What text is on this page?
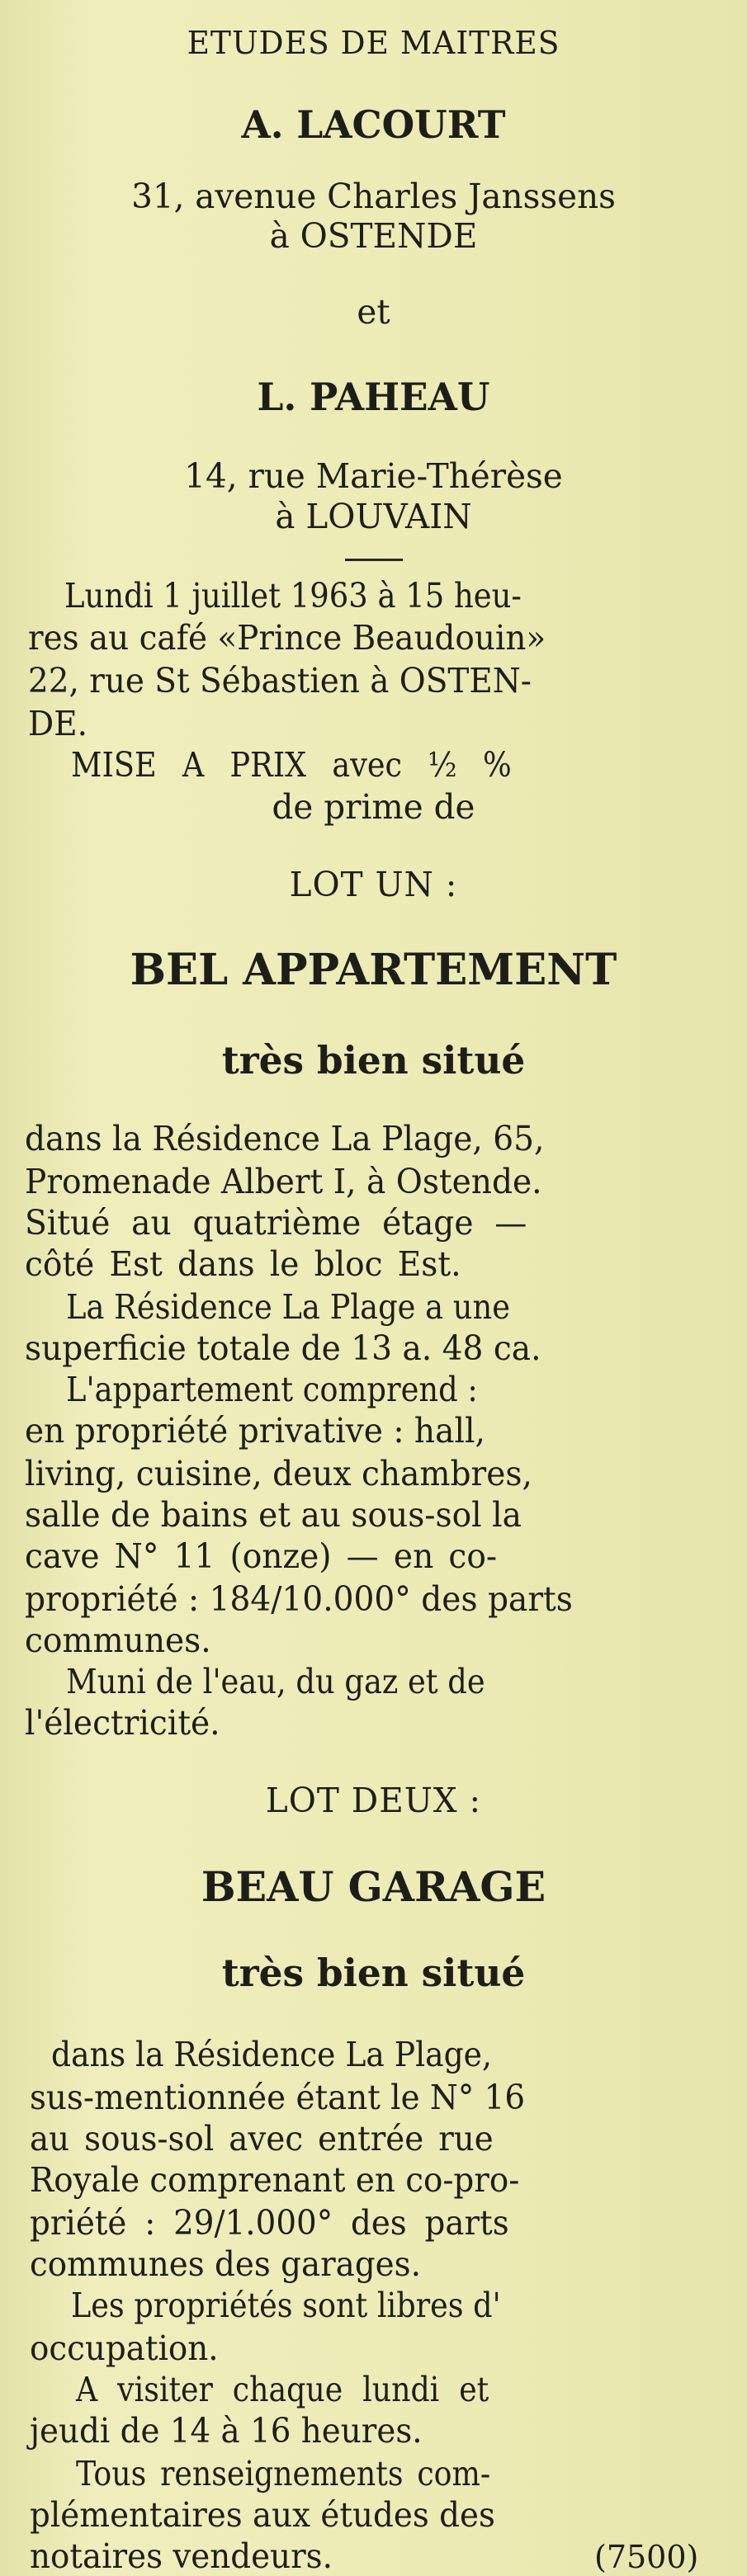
ETUDES DE MAITRES
A. LACOURT
31, avenue Charles Janssens
à OSTENDE
et
L. PAHEAU
14, rue Marie-Thérèse
à LOUVAIN
Lundi 1 juillet 1963 à 15 heu-
res au café «Prince Beaudouin»
22, rue St Sébastien à OSTEN-
DE.
MISE A PRIX avec ½ %
de prime de
LOT UN :
BEL APPARTEMENT
très bien situé
dans la Résidence La Plage, 65,
Promenade Albert I, à Ostende.
Situé au quatrième étage —
côté Est dans le bloc Est.
La Résidence La Plage a une
superficie totale de 13 a. 48 ca.
L'appartement comprend :
en propriété privative : hall,
living, cuisine, deux chambres,
salle de bains et au sous-sol la
cave N° 11 (onze) — en co-
propriété : 184/10.000° des parts
communes.
Muni de l'eau, du gaz et de
l'électricité.
LOT DEUX :
BEAU GARAGE
très bien situé
dans la Résidence La Plage,
sus-mentionnée étant le N° 16
au sous-sol avec entrée rue
Royale comprenant en co-pro-
priété : 29/1.000° des parts
communes des garages.
Les propriétés sont libres d'
occupation.
A visiter chaque lundi et
jeudi de 14 à 16 heures.
Tous renseignements com-
plémentaires aux études des
notaires vendeurs.	(7500)
